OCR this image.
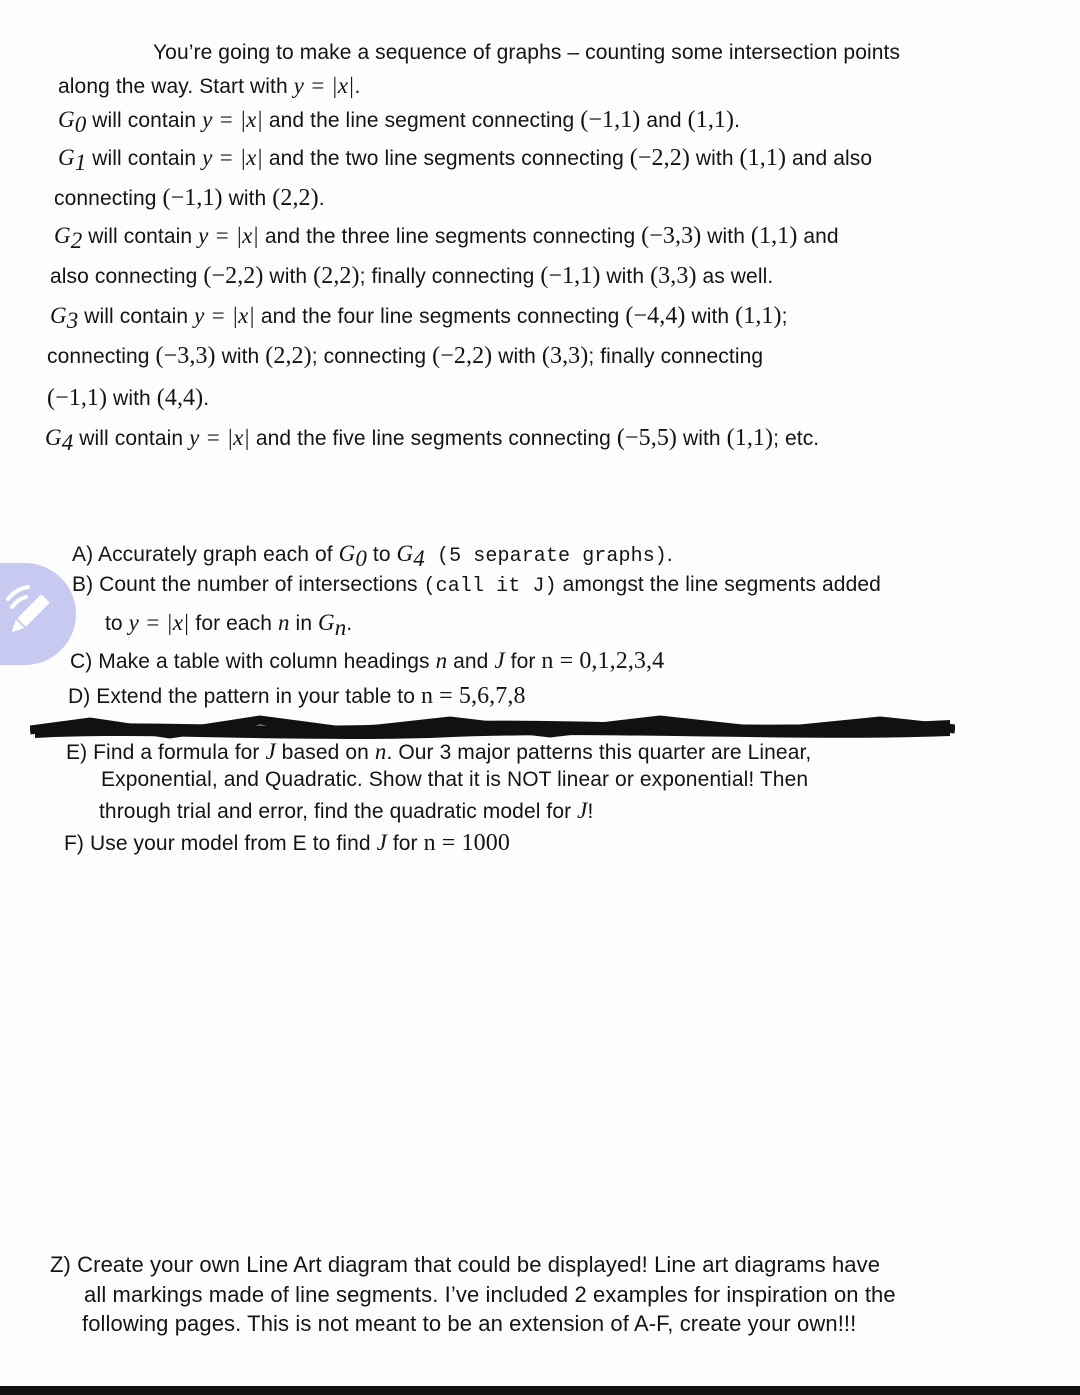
You’re going to make a sequence of graphs – counting some intersection points
along the way. Start with y = |x|.
$G_0$ will contain y = |x| and the line segment connecting (−1,1) and (1,1).
$G_1$ will contain y = |x| and the two line segments connecting (−2,2) with (1,1) and also
connecting (−1,1) with (2,2).
$G_2$ will contain y = |x| and the three line segments connecting (−3,3) with (1,1) and
also connecting (−2,2) with (2,2); finally connecting (−1,1) with (3,3) as well.
$G_3$ will contain y = |x| and the four line segments connecting (−4,4) with (1,1);
connecting (−3,3) with (2,2); connecting (−2,2) with (3,3); finally connecting
(−1,1) with (4,4).
$G_4$ will contain y = |x| and the five line segments connecting (−5,5) with (1,1); etc.
A) Accurately graph each of $G_0$ to $G_4$ (5 separate graphs).
B) Count the number of intersections (call it J) amongst the line segments added
to y = |x| for each n in $G_n$.
C) Make a table with column headings n and J for n = 0,1,2,3,4
D) Extend the pattern in your table to n = 5,6,7,8
E) Find a formula for J based on n. Our 3 major patterns this quarter are Linear,
Exponential, and Quadratic. Show that it is NOT linear or exponential! Then
through trial and error, find the quadratic model for J!
F) Use your model from E to find J for n = 1000
Z) Create your own Line Art diagram that could be displayed! Line art diagrams have
all markings made of line segments. I’ve included 2 examples for inspiration on the
following pages. This is not meant to be an extension of A-F, create your own!!!
